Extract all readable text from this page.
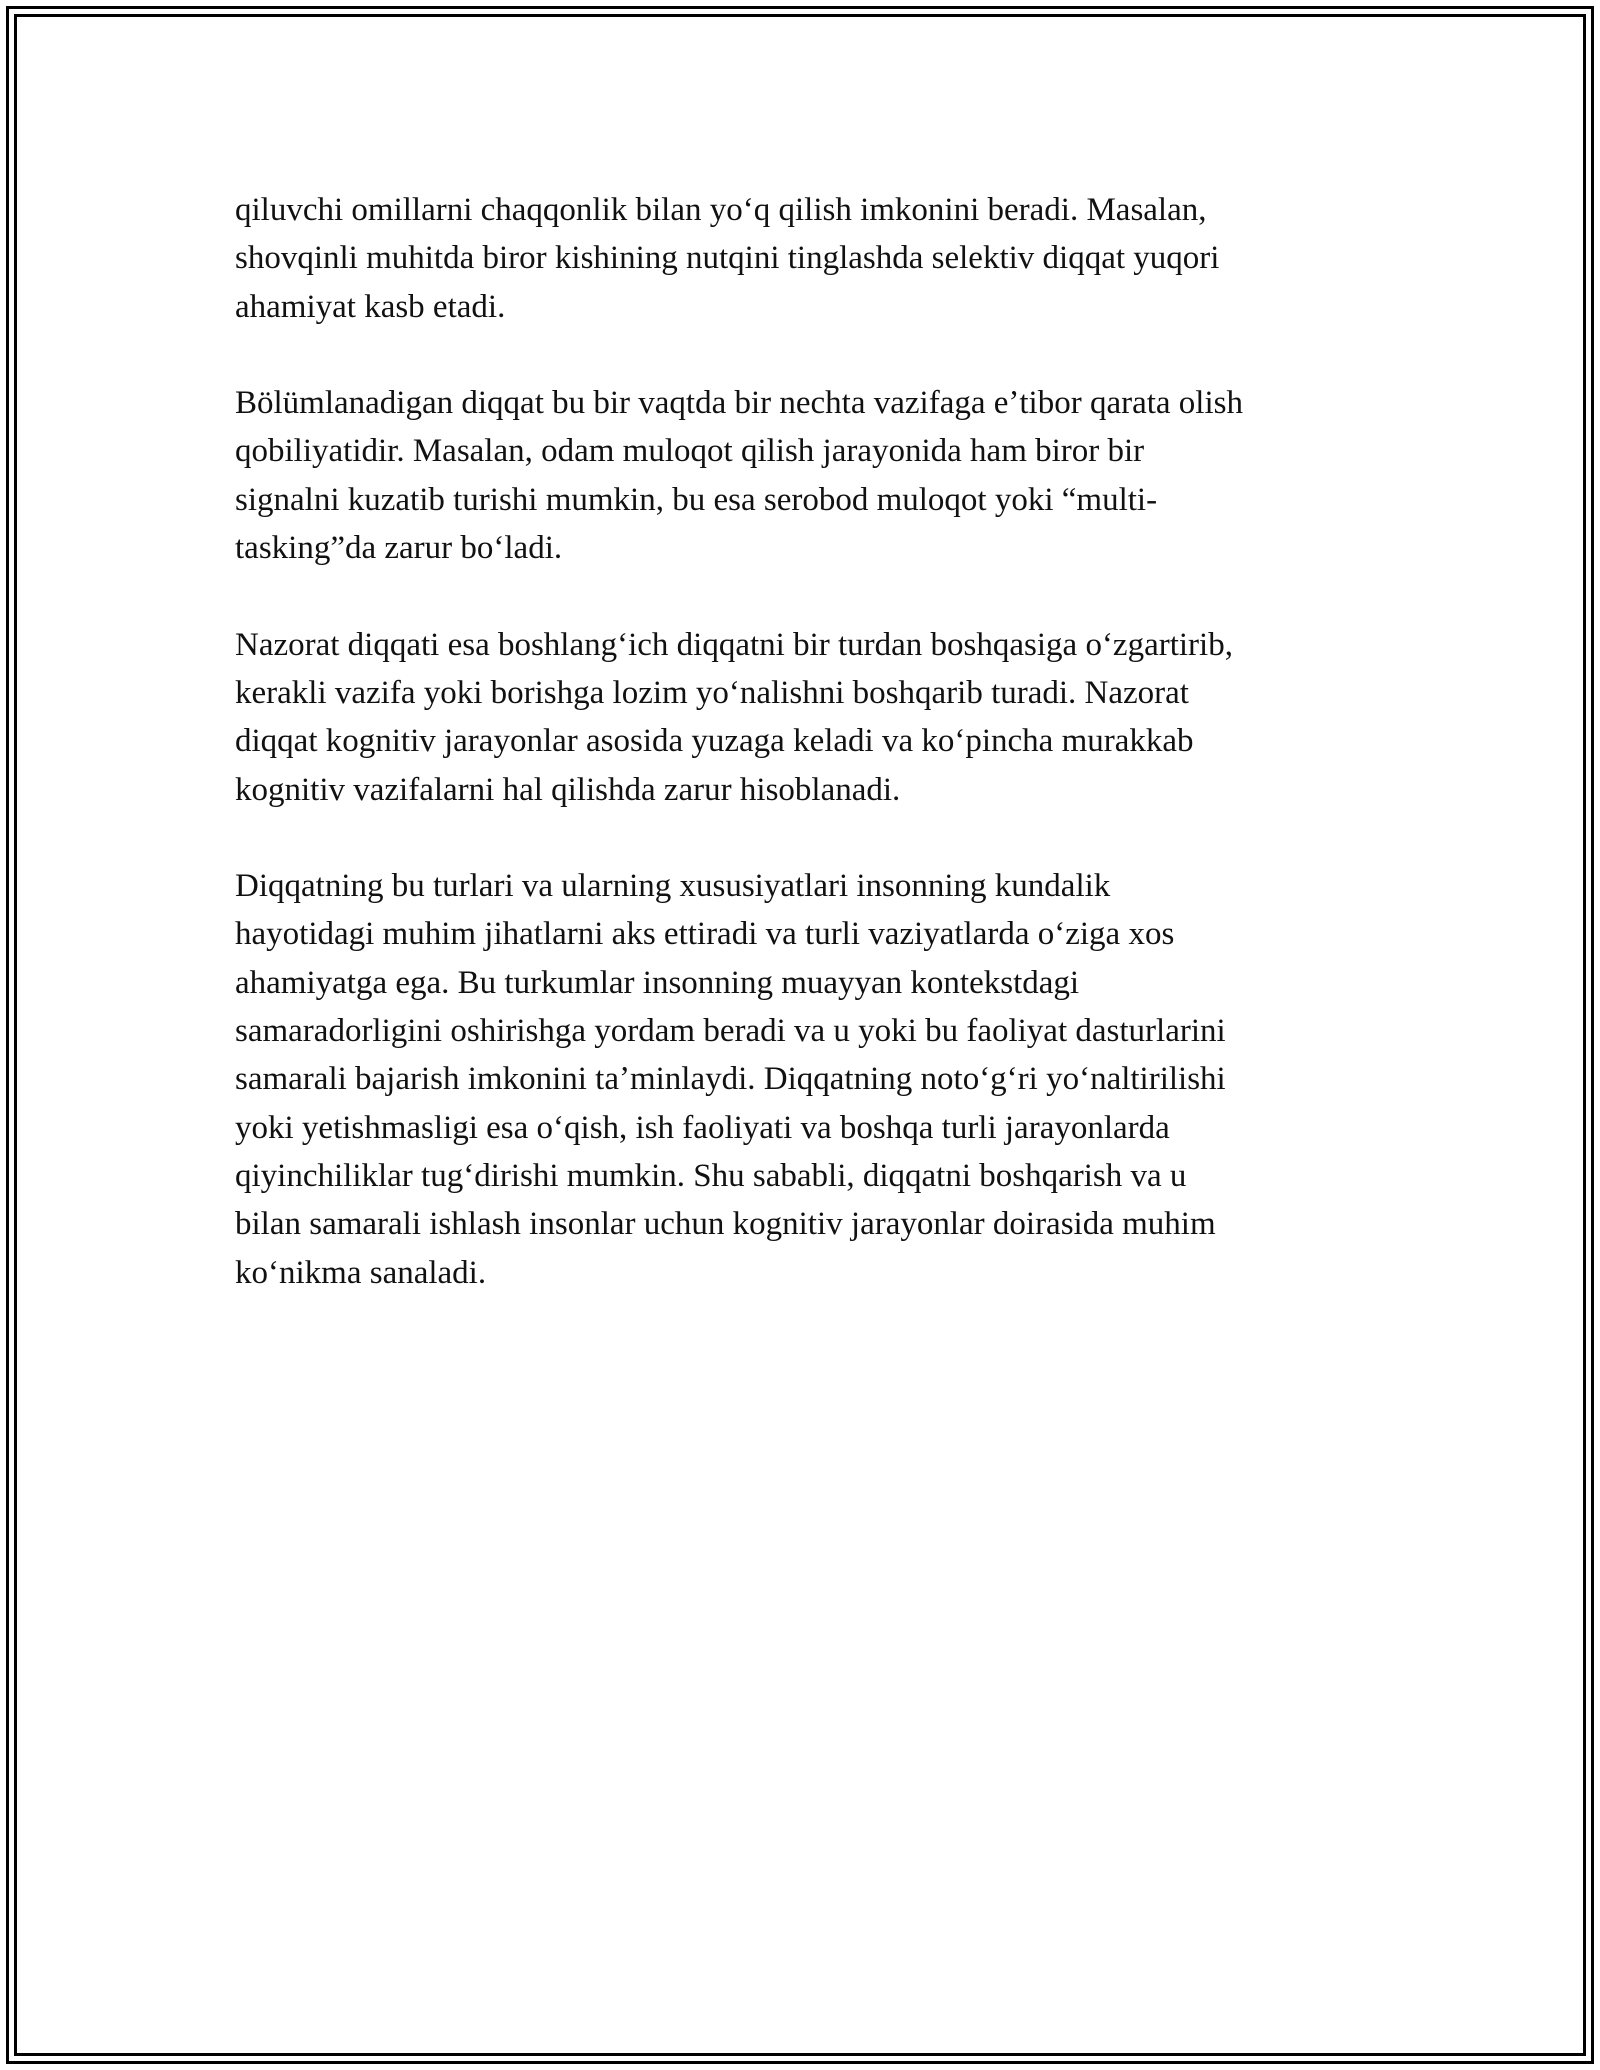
qiluvchi omillarni chaqqonlik bilan yoʻq qilish imkonini beradi. Masalan,
shovqinli muhitda biror kishining nutqini tinglashda selektiv diqqat yuqori
ahamiyat kasb etadi.

Bölümlanadigan diqqat bu bir vaqtda bir nechta vazifaga eʼtibor qarata olish
qobiliyatidir. Masalan, odam muloqot qilish jarayonida ham biror bir
signalni kuzatib turishi mumkin, bu esa serobod muloqot yoki “multi-
tasking”da zarur boʻladi.

Nazorat diqqati esa boshlangʻich diqqatni bir turdan boshqasiga oʻzgartirib,
kerakli vazifa yoki borishga lozim yoʻnalishni boshqarib turadi. Nazorat
diqqat kognitiv jarayonlar asosida yuzaga keladi va koʻpincha murakkab
kognitiv vazifalarni hal qilishda zarur hisoblanadi.

Diqqatning bu turlari va ularning xususiyatlari insonning kundalik
hayotidagi muhim jihatlarni aks ettiradi va turli vaziyatlarda oʻziga xos
ahamiyatga ega. Bu turkumlar insonning muayyan kontekstdagi
samaradorligini oshirishga yordam beradi va u yoki bu faoliyat dasturlarini
samarali bajarish imkonini taʼminlaydi. Diqqatning notoʻgʻri yoʻnaltirilishi
yoki yetishmasligi esa oʻqish, ish faoliyati va boshqa turli jarayonlarda
qiyinchiliklar tugʻdirishi mumkin. Shu sababli, diqqatni boshqarish va u
bilan samarali ishlash insonlar uchun kognitiv jarayonlar doirasida muhim
koʻnikma sanaladi.
